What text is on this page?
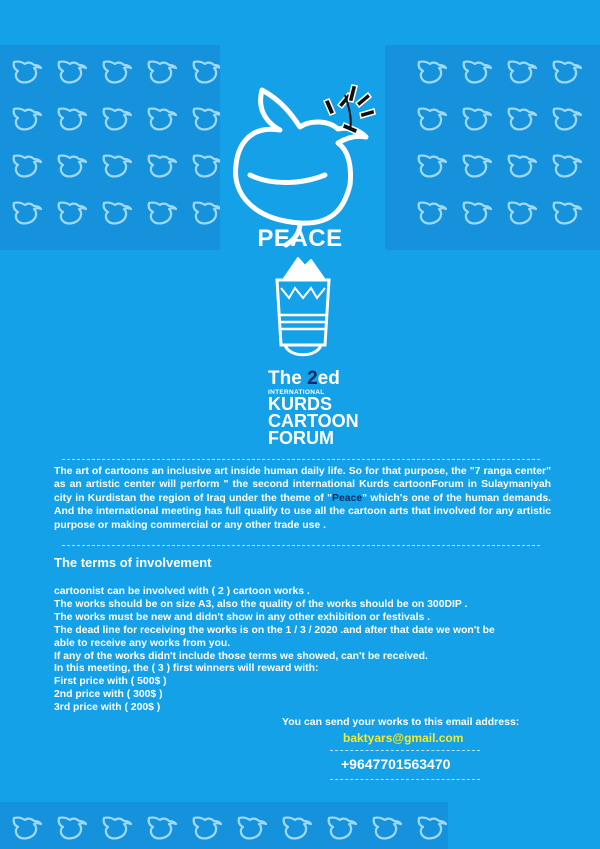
PEACE
The 2ed
INTERNATIONAL
KURDS
CARTOON
FORUM
The art of cartoons an inclusive art inside human daily life. So for that purpose, the "7 ranga center" as an artistic center will perform " the second international Kurds cartoonForum in Sulaymaniyah city in Kurdistan the region of Iraq under the theme of "Peace" which's one of the human demands. And the international meeting has full qualify to use all the cartoon arts that involved for any artistic purpose or making commercial or any other trade use .
The terms of involvement
cartoonist can be involved with ( 2 ) cartoon works .
The works should be on size A3, also the quality of the works should be on 300DIP .
The works must be new and didn't show in any other exhibition or festivals .
The dead line for receiving the works is on the 1 / 3 / 2020 .and after that date we won't be
able to receive any works from you.
If any of the works didn't include those terms we showed, can't be received.
In this meeting, the ( 3 ) first winners will reward with:
First price with ( 500$ )
2nd price with ( 300$ )
3rd price with ( 200$ )
You can send your works to this email address:
baktyars@gmail.com
+9647701563470
